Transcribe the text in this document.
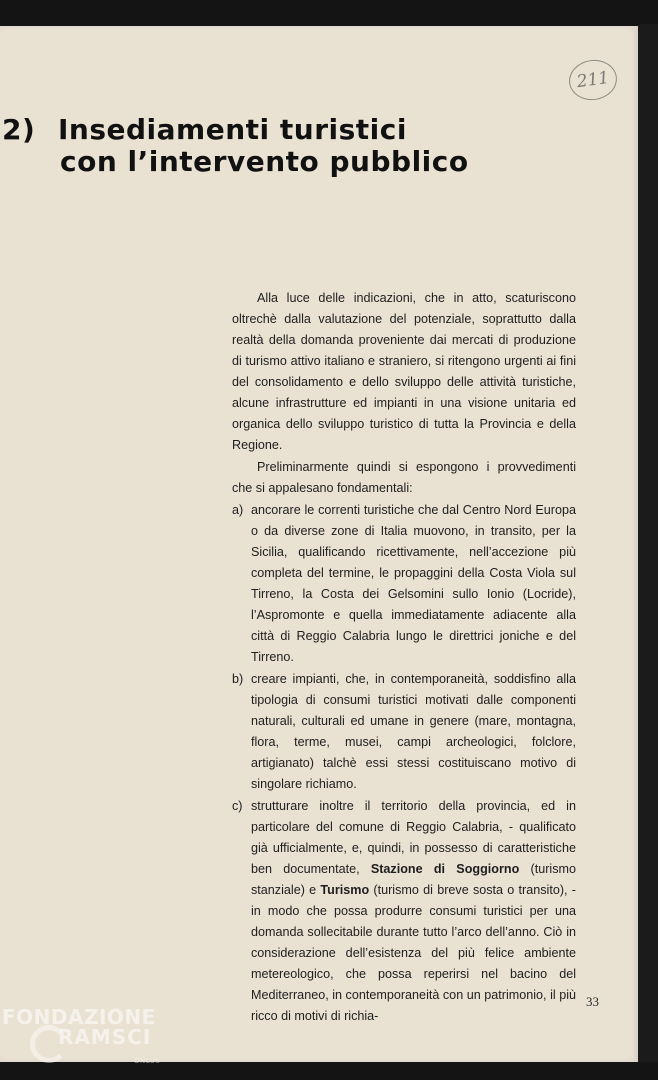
211
2) Insediamenti turistici
con l’intervento pubblico

Alla luce delle indicazioni, che in atto, scaturiscono oltrechè dalla valutazione del potenziale, soprattutto dalla realtà della domanda proveniente dai mercati di produzione di turismo attivo italiano e straniero, si ritengono urgenti ai fini del consolidamento e dello sviluppo delle attività turistiche, alcune infrastrutture ed impianti in una visione unitaria ed organica dello sviluppo turistico di tutta la Provincia e della Regione.

Preliminarmente quindi si espongono i provvedimenti che si appalesano fondamentali:

a) ancorare le correnti turistiche che dal Centro Nord Europa o da diverse zone di Italia muovono, in transito, per la Sicilia, qualificando ricettivamente, nell’accezione più completa del termine, le propaggini della Costa Viola sul Tirreno, la Costa dei Gelsomini sullo Ionio (Locride), l’Aspromonte e quella immediatamente adiacente alla città di Reggio Calabria lungo le direttrici joniche e del Tirreno.
b) creare impianti, che, in contemporaneità, soddisfino alla tipologia di consumi turistici motivati dalle componenti naturali, culturali ed umane in genere (mare, montagna, flora, terme, musei, campi archeologici, folclore, artigianato) talchè essi stessi costituiscano motivo di singolare richiamo.
c) strutturare inoltre il territorio della provincia, ed in particolare del comune di Reggio Calabria, - qualificato già ufficialmente, e, quindi, in possesso di caratteristiche ben documentate, Stazione di Soggiorno (turismo stanziale) e Turismo (turismo di breve sosta o transito), - in modo che possa produrre consumi turistici per una domanda sollecitabile durante tutto l’arco dell’anno. Ciò in considerazione dell’esistenza del più felice ambiente metereologico, che possa reperirsi nel bacino del Mediterraneo, in contemporaneità con un patrimonio, il più ricco di motivi di richia-
33
FONDAZIONE
RAMSCI
ONLUS
